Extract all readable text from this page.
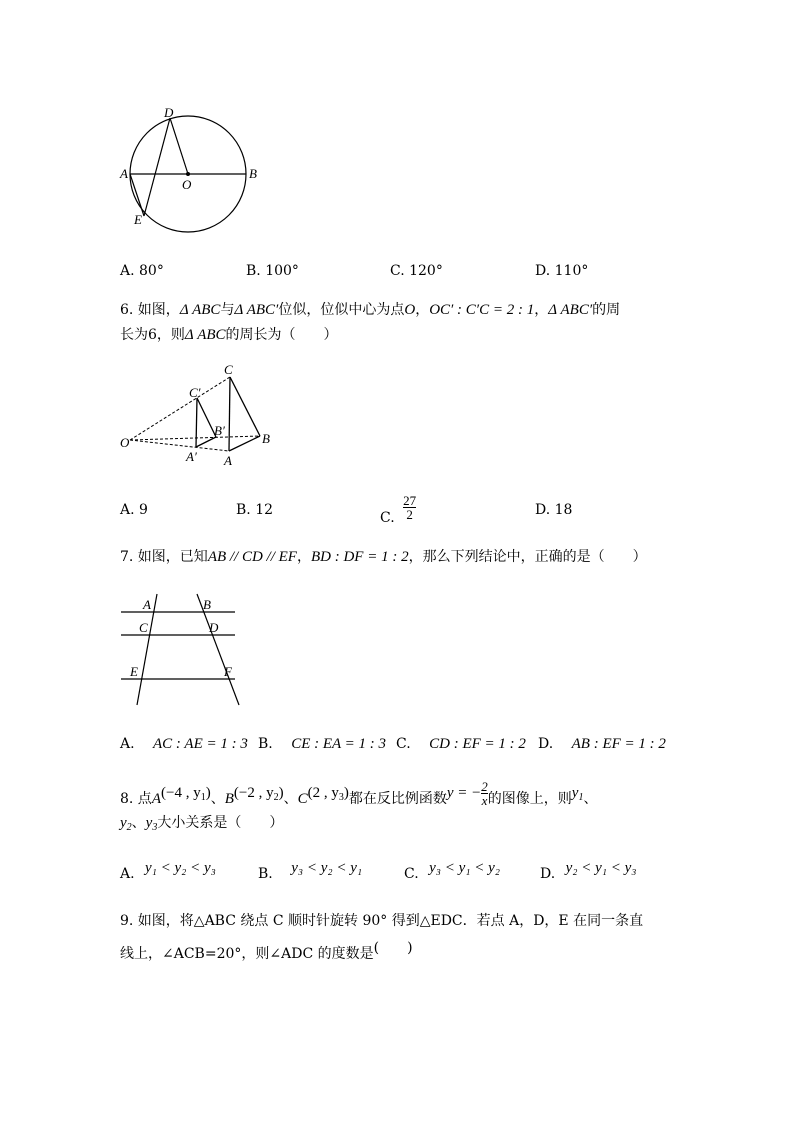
D
A
O
B
E
A. 80°	B. 100°	C. 120°	D. 110°
6. 如图，Δ ABC与Δ ABC′位似，位似中心为点O，OC′ : C′C = 2 : 1，Δ ABC′的周
长为6，则Δ ABC的周长为（　　）
C
C′
O
B′
B
A′ A
A. 9	B. 12	C. $\frac{27}{2}$	D. 18
7. 如图，已知AB // CD // EF，BD : DF = 1 : 2，那么下列结论中，正确的是（　　）
A	B
C	D
E	F
A. AC : AE = 1 : 3 B. CE : EA = 1 : 3 C. CD : EF = 1 : 2 D. AB : EF = 1 : 2
8. 点A(−4 , $y_1$)、B(−2 , $y_2$)、C(2 , $y_3$)都在反比例函数y = − $\frac{2}{x}$ 的图像上，则$y_1$、
$y_2$、$y_3$大小关系是（　　）
A. y₁ < y₂ < y₃	B. y₃ < y₂ < y₁	C. y₃ < y₁ < y₂	D. y₂ < y₁ < y₃
9. 如图，将△ABC 绕点 C 顺时针旋转 90° 得到△EDC．若点 A，D，E 在同一条直
线上，∠ACB=20°，则∠ADC 的度数是(　　)
